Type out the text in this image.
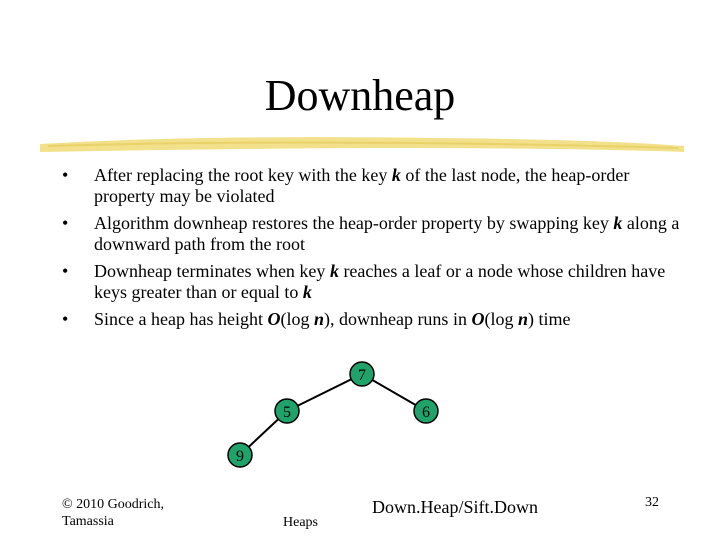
Downheap
• After replacing the root key with the key k of the last node, the heap-order property may be violated
• Algorithm downheap restores the heap-order property by swapping key k along a downward path from the root
• Downheap terminates when key k reaches a leaf or a node whose children have keys greater than or equal to k
• Since a heap has height O(log n), downheap runs in O(log n) time
7
5	6
9
© 2010 Goodrich, Tamassia	Heaps
Down.Heap/Sift.Down	32
